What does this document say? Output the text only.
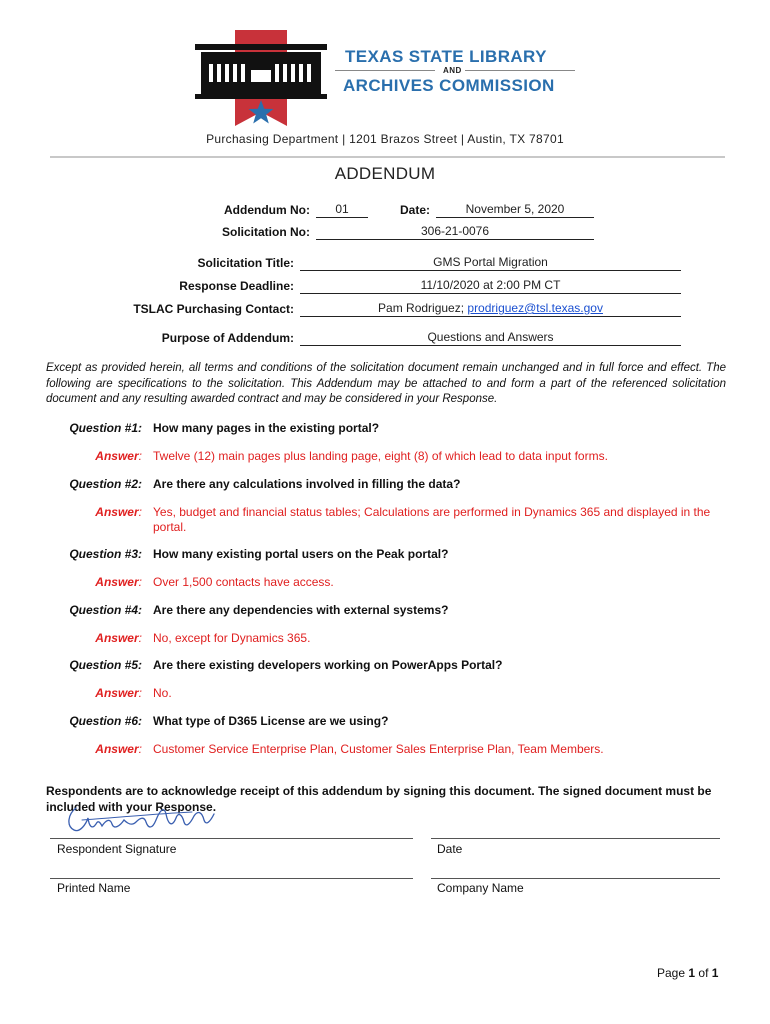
TEXAS STATE LIBRARY
AND
ARCHIVES COMMISSION
Purchasing Department | 1201 Brazos Street | Austin, TX 78701
ADDENDUM
Addendum No:	01	Date:	November 5, 2020
Solicitation No:	306-21-0076
Solicitation Title:	GMS Portal Migration
Response Deadline:	11/10/2020 at 2:00 PM CT
TSLAC Purchasing Contact:	Pam Rodriguez; prodriguez@tsl.texas.gov
Purpose of Addendum:	Questions and Answers
Except as provided herein, all terms and conditions of the solicitation document remain unchanged and in full force and effect. The following are specifications to the solicitation. This Addendum may be attached to and form a part of the referenced solicitation document and any resulting awarded contract and may be considered in your Response.
Question #1: How many pages in the existing portal?
Answer : Twelve (12) main pages plus landing page, eight (8) of which lead to data input forms.
Question #2: Are there any calculations involved in filling the data?
Answer : Yes, budget and financial status tables; Calculations are performed in Dynamics 365 and displayed in the portal.
Question #3: How many existing portal users on the Peak portal?
Answer : Over 1,500 contacts have access.
Question #4: Are there any dependencies with external systems?
Answer : No, except for Dynamics 365.
Question #5: Are there existing developers working on PowerApps Portal?
Answer : No.
Question #6: What type of D365 License are we using?
Answer : Customer Service Enterprise Plan, Customer Sales Enterprise Plan, Team Members.
Respondents are to acknowledge receipt of this addendum by signing this document. The signed document must be included with your Response.
Respondent Signature	Date
Printed Name	Company Name
Page 1 of 1
